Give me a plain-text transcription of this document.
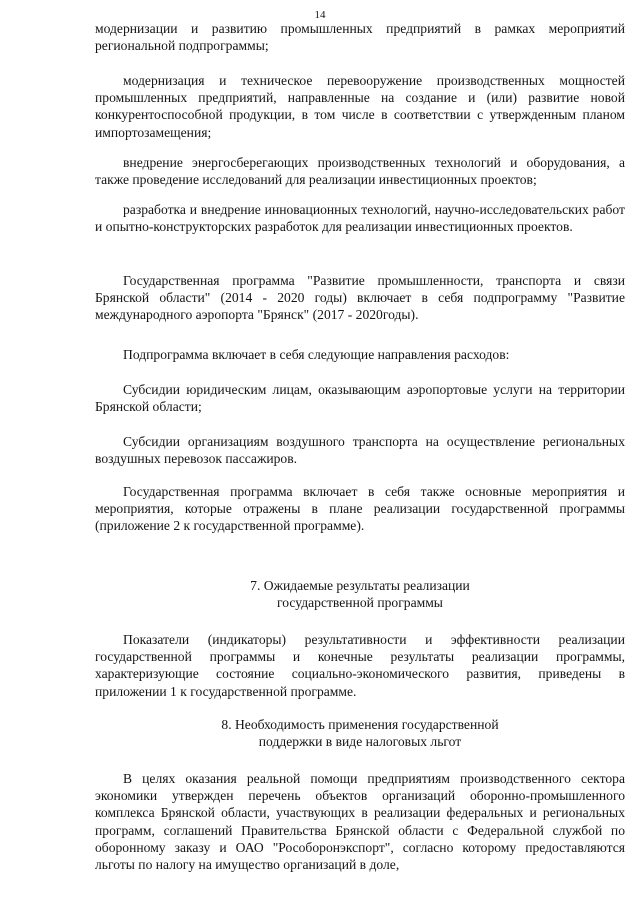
14

модернизации и развитию промышленных предприятий в рамках мероприятий региональной подпрограммы;

модернизация и техническое перевооружение производственных мощностей промышленных предприятий, направленные на создание и (или) развитие новой конкурентоспособной продукции, в том числе в соответствии с утвержденным планом импортозамещения;

внедрение энергосберегающих производственных технологий и оборудования, а также проведение исследований для реализации инвестиционных проектов;

разработка и внедрение инновационных технологий, научно-исследовательских работ и опытно-конструкторских разработок для реализации инвестиционных проектов.

Государственная программа "Развитие промышленности, транспорта и связи Брянской области" (2014 - 2020 годы) включает в себя подпрограмму "Развитие международного аэропорта "Брянск" (2017 - 2020годы).

Подпрограмма включает в себя следующие направления расходов:

Субсидии юридическим лицам, оказывающим аэропортовые услуги на территории Брянской области;

Субсидии организациям воздушного транспорта на осуществление региональных воздушных перевозок пассажиров.

Государственная программа включает в себя также основные мероприятия и мероприятия, которые отражены в плане реализации государственной программы (приложение 2 к государственной программе).

7. Ожидаемые результаты реализации
государственной программы

Показатели (индикаторы) результативности и эффективности реализации государственной программы и конечные результаты реализации программы, характеризующие состояние социально-экономического развития, приведены в приложении 1 к государственной программе.

8. Необходимость применения государственной
поддержки в виде налоговых льгот

В целях оказания реальной помощи предприятиям производственного сектора экономики утвержден перечень объектов организаций оборонно-промышленного комплекса Брянской области, участвующих в реализации федеральных и региональных программ, соглашений Правительства Брянской области с Федеральной службой по оборонному заказу и ОАО "Рособоронэкспорт", согласно которому предоставляются льготы по налогу на имущество организаций в доле,
